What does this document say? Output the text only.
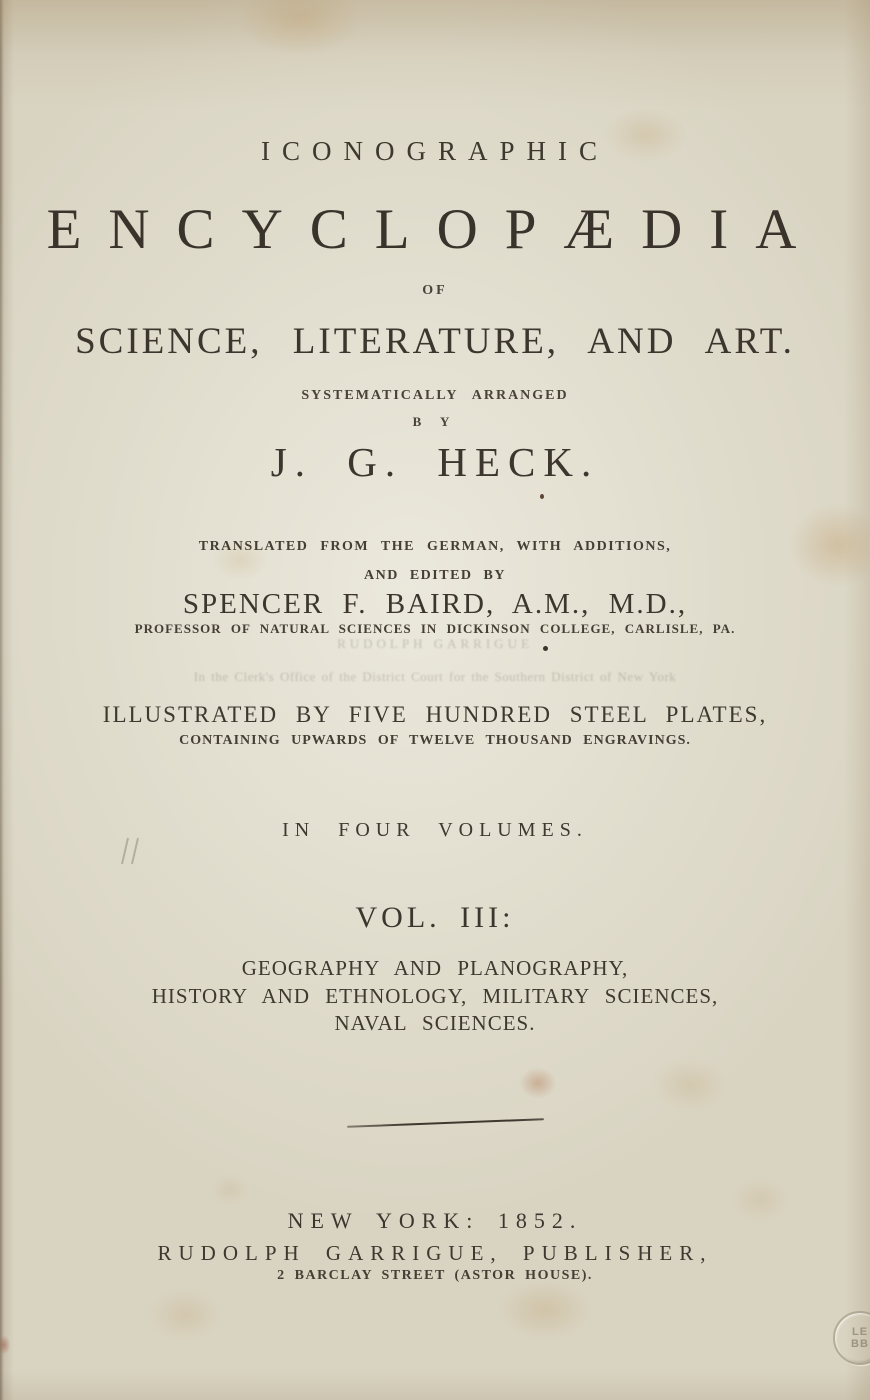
ICONOGRAPHIC
ENCYCLOPÆDIA
OF
SCIENCE, LITERATURE, AND ART.
SYSTEMATICALLY ARRANGED
B Y
J. G. HECK.
TRANSLATED FROM THE GERMAN, WITH ADDITIONS,
AND EDITED BY
SPENCER F. BAIRD, A.M., M.D.,
PROFESSOR OF NATURAL SCIENCES IN DICKINSON COLLEGE, CARLISLE, PA.
RUDOLPH GARRIGUE
In the Clerk's Office of the District Court for the Southern District of New York
ILLUSTRATED BY FIVE HUNDRED STEEL PLATES,
CONTAINING UPWARDS OF TWELVE THOUSAND ENGRAVINGS.
IN FOUR VOLUMES.
VOL. III:
GEOGRAPHY AND PLANOGRAPHY,
HISTORY AND ETHNOLOGY, MILITARY SCIENCES,
NAVAL SCIENCES.
NEW YORK: 1852.
RUDOLPH GARRIGUE, PUBLISHER,
2 BARCLAY STREET (ASTOR HOUSE).
LE
BB
